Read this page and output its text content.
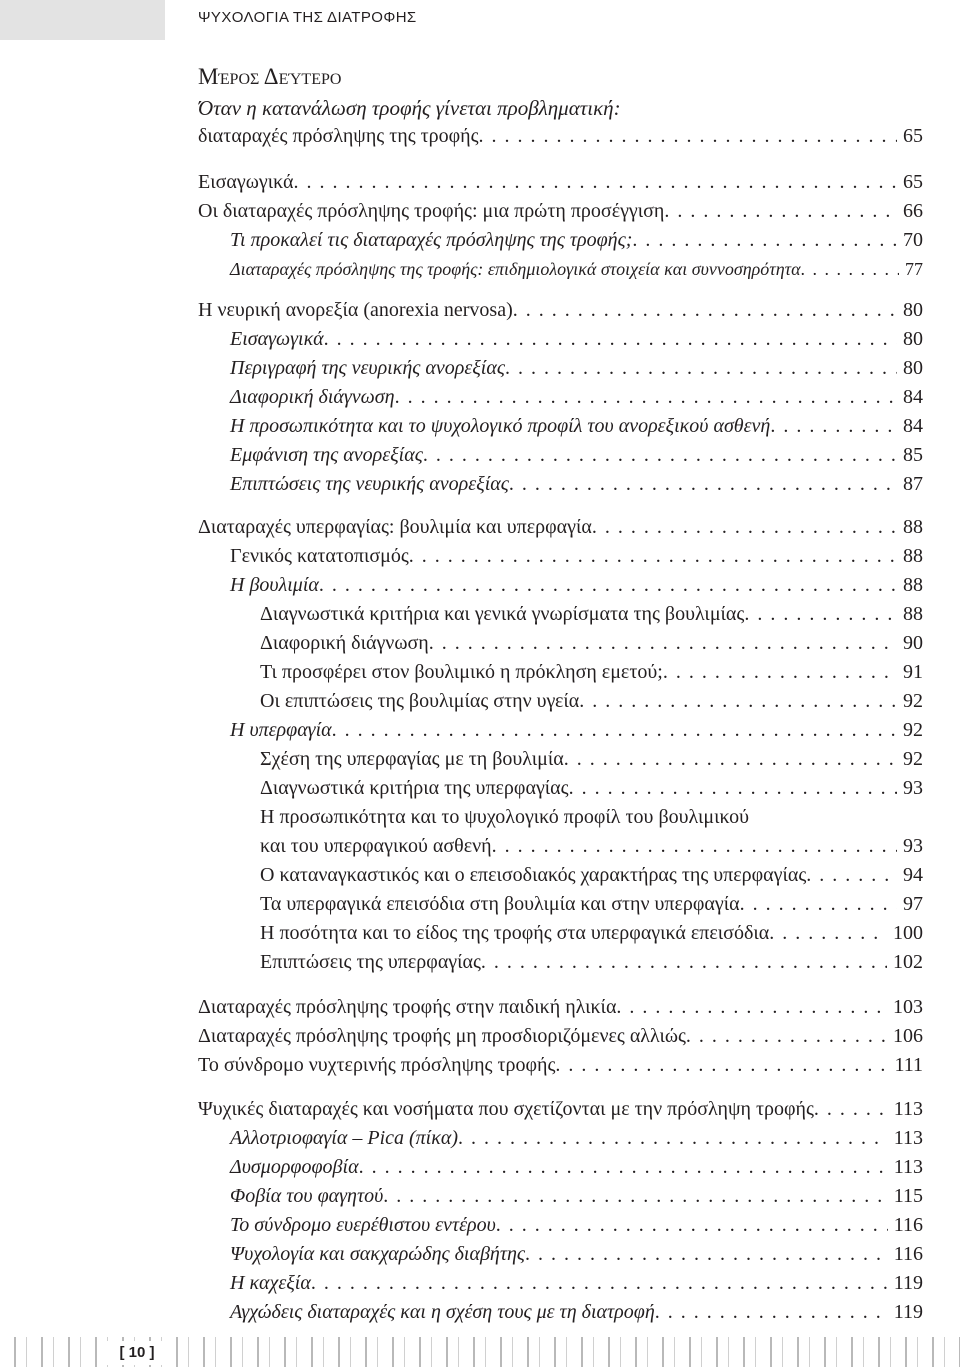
ΨΥΧΟΛΟΓΙΑ ΤΗΣ ΔΙΑΤΡΟΦΗΣ
Μέρος Δεύτερο
Όταν η κατανάλωση τροφής γίνεται προβληματική:
διαταραχές πρόσληψης της τροφής . . .	65
Εισαγωγικά . . .	65
Οι διαταραχές πρόσληψης τροφής: μια πρώτη προσέγγιση . . .	66
Τι προκαλεί τις διαταραχές πρόσληψης της τροφής; . . .	70
Διαταραχές πρόσληψης της τροφής: επιδημιολογικά στοιχεία και συννοσηρότητα . . .	77
Η νευρική ανορεξία (anorexia nervosa) . . .	80
Εισαγωγικά . . .	80
Περιγραφή της νευρικής ανορεξίας . . .	80
Διαφορική διάγνωση . . .	84
Η προσωπικότητα και το ψυχολογικό προφίλ του ανορεξικού ασθενή . . .	84
Εμφάνιση της ανορεξίας . . .	85
Επιπτώσεις της νευρικής ανορεξίας . . .	87
Διαταραχές υπερφαγίας: βουλιμία και υπερφαγία . . .	88
Γενικός κατατοπισμός . . .	88
Η βουλιμία . . .	88
Διαγνωστικά κριτήρια και γενικά γνωρίσματα της βουλιμίας . . .	88
Διαφορική διάγνωση . . .	90
Τι προσφέρει στον βουλιμικό η πρόκληση εμετού; . . .	91
Οι επιπτώσεις της βουλιμίας στην υγεία . . .	92
Η υπερφαγία . . .	92
Σχέση της υπερφαγίας με τη βουλιμία . . .	92
Διαγνωστικά κριτήρια της υπερφαγίας . . .	93
Η προσωπικότητα και το ψυχολογικό προφίλ του βουλιμικού
και του υπερφαγικού ασθενή . . .	93
Ο καταναγκαστικός και ο επεισοδιακός χαρακτήρας της υπερφαγίας . . .	94
Τα υπερφαγικά επεισόδια στη βουλιμία και στην υπερφαγία . . .	97
Η ποσότητα και το είδος της τροφής στα υπερφαγικά επεισόδια . . .	100
Επιπτώσεις της υπερφαγίας . . .	102
Διαταραχές πρόσληψης τροφής στην παιδική ηλικία . . .	103
Διαταραχές πρόσληψης τροφής μη προσδιοριζόμενες αλλιώς . . .	106
Το σύνδρομο νυχτερινής πρόσληψης τροφής . . .	111
Ψυχικές διαταραχές και νοσήματα που σχετίζονται με την πρόσληψη τροφής . . .	113
Αλλοτριοφαγία – Pica (πίκα) . . .	113
Δυσμορφοφοβία . . .	113
Φοβία του φαγητού . . .	115
Το σύνδρομο ευερέθιστου εντέρου . . .	116
Ψυχολογία και σακχαρώδης διαβήτης . . .	116
Η καχεξία . . .	119
Αγχώδεις διαταραχές και η σχέση τους με τη διατροφή . . .	119
[ 10 ]
